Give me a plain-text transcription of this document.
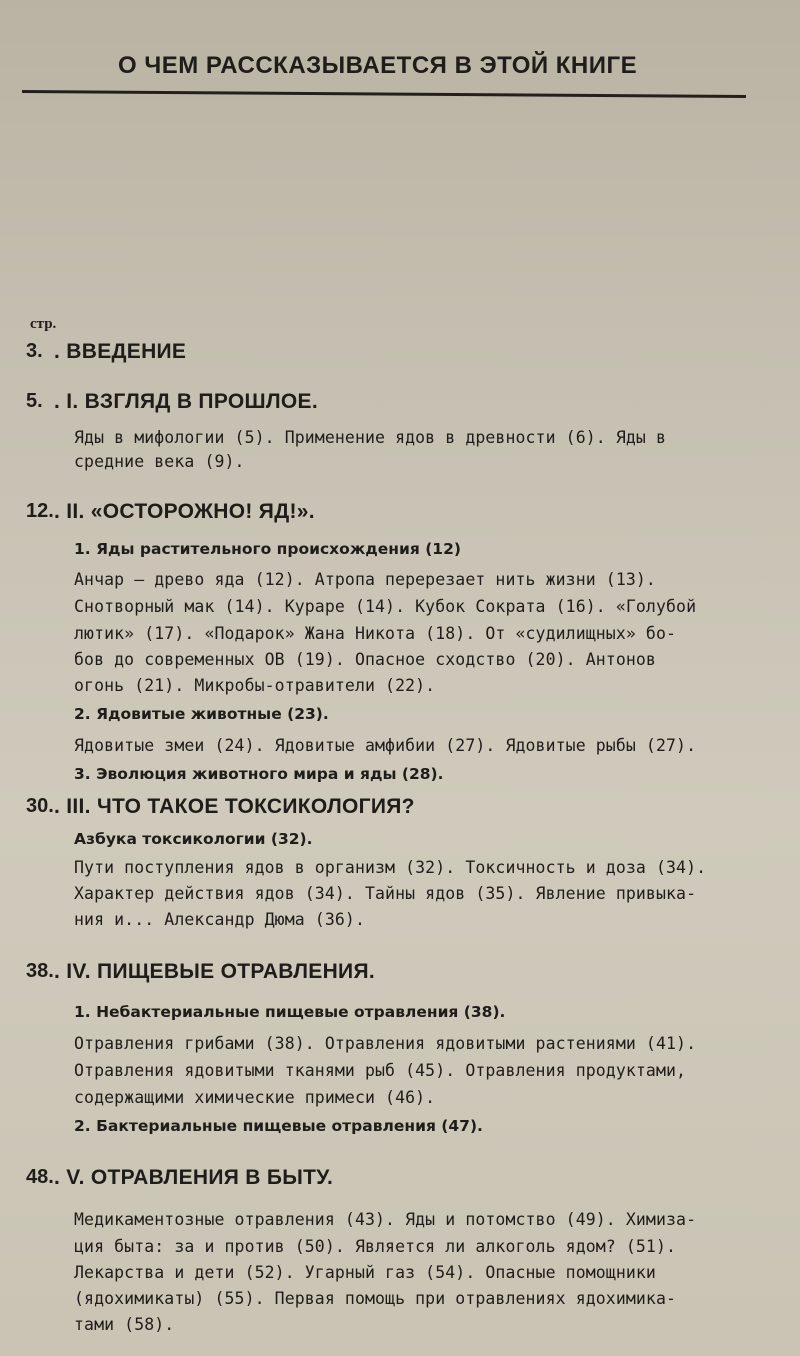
О ЧЕМ РАССКАЗЫВАЕТСЯ В ЭТОЙ КНИГЕ
стр.
3. . ВВЕДЕНИЕ
5. . I. ВЗГЛЯД В ПРОШЛОЕ.
Яды в мифологии (5). Применение ядов в древности (6). Яды в
средние века (9).
12. . II. «ОСТОРОЖНО! ЯД!».
1. Яды растительного происхождения (12)
Анчар — древо яда (12). Атропа перерезает нить жизни (13).
Снотворный мак (14). Кураре (14). Кубок Сократа (16). «Голубой
лютик» (17). «Подарок» Жана Никота (18). От «судилищных» бо-
бов до современных ОВ (19). Опасное сходство (20). Антонов
огонь (21). Микробы-отравители (22).
2. Ядовитые животные (23).
Ядовитые змеи (24). Ядовитые амфибии (27). Ядовитые рыбы (27).
3. Эволюция животного мира и яды (28).
30. . III. ЧТО ТАКОЕ ТОКСИКОЛОГИЯ?
Азбука токсикологии (32).
Пути поступления ядов в организм (32). Токсичность и доза (34).
Характер действия ядов (34). Тайны ядов (35). Явление привыка-
ния и... Александр Дюма (36).
38. . IV. ПИЩЕВЫЕ ОТРАВЛЕНИЯ.
1. Небактериальные пищевые отравления (38).
Отравления грибами (38). Отравления ядовитыми растениями (41).
Отравления ядовитыми тканями рыб (45). Отравления продуктами,
содержащими химические примеси (46).
2. Бактериальные пищевые отравления (47).
48. . V. ОТРАВЛЕНИЯ В БЫТУ.
Медикаментозные отравления (43). Яды и потомство (49). Химиза-
ция быта: за и против (50). Является ли алкоголь ядом? (51).
Лекарства и дети (52). Угарный газ (54). Опасные помощники
(ядохимикаты) (55). Первая помощь при отравлениях ядохимика-
тами (58).
